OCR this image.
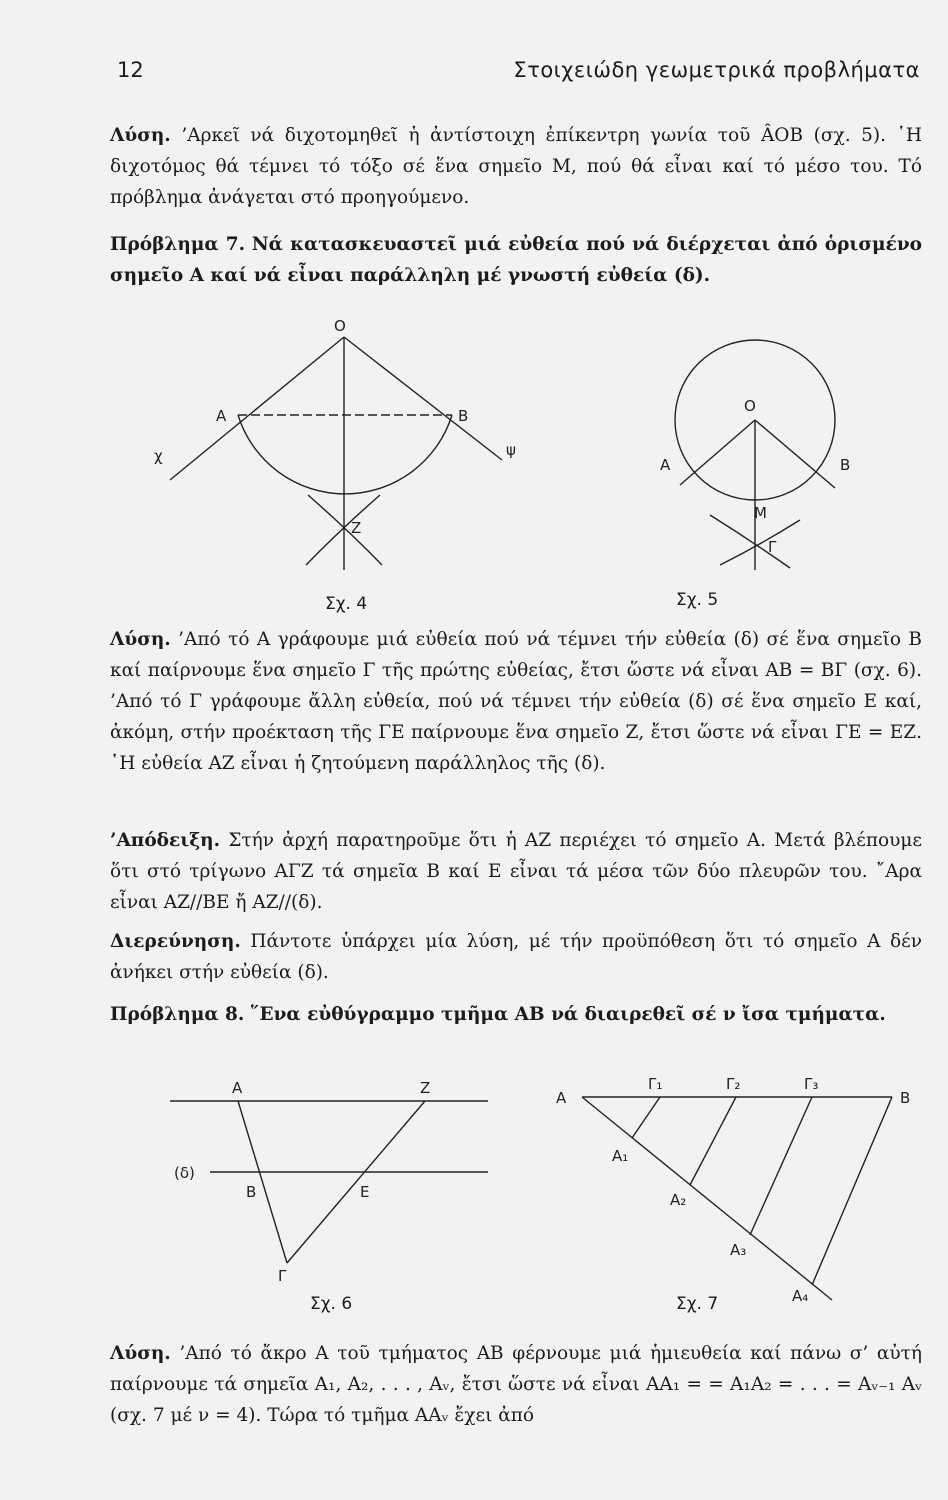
12	Στοιχειώδη γεωμετρικά προβλήματα
Λύση. ’Αρκεῖ νά διχοτομηθεῖ ἡ ἀντίστοιχη ἐπίκεντρη γωνία τοῦ ÂOB (σχ. 5). ῾Η διχοτόμος θά τέμνει τό τόξο σέ ἕνα σημεῖο Μ, πού θά εἶναι καί τό μέσο του. Τό πρόβλημα ἀνάγεται στό προηγούμενο.
Πρόβλημα 7. Νά κατασκευαστεῖ μιά εὐθεία πού νά διέρχεται ἀπό ὁρισμένο σημεῖο Α καί νά εἶναι παράλληλη μέ γνωστή εὐθεία (δ).
O
A	B
χ	ψ
Z
Σχ. 4
O
A	B
M
Γ
Σχ. 5
Λύση. ’Από τό Α γράφουμε μιά εὐθεία πού νά τέμνει τήν εὐθεία (δ) σέ ἕνα σημεῖο Β καί παίρνουμε ἕνα σημεῖο Γ τῆς πρώτης εὐθείας, ἔτσι ὥστε νά εἶναι ΑΒ = ΒΓ (σχ. 6). ’Από τό Γ γράφουμε ἄλλη εὐθεία, πού νά τέμνει τήν εὐθεία (δ) σέ ἕνα σημεῖο Ε καί, ἀκόμη, στήν προέκταση τῆς ΓΕ παίρνουμε ἕνα σημεῖο Ζ, ἔτσι ὥστε νά εἶναι ΓΕ = ΕΖ. ῾Η εὐθεία ΑΖ εἶναι ἡ ζητούμενη παράλληλος τῆς (δ).
’Απόδειξη. Στήν ἀρχή παρατηροῦμε ὅτι ἡ ΑΖ περιέχει τό σημεῖο Α. Μετά βλέπουμε ὅτι στό τρίγωνο ΑΓΖ τά σημεῖα Β καί Ε εἶναι τά μέσα τῶν δύο πλευρῶν του. ῎Αρα εἶναι ΑΖ//ΒΕ ἤ ΑΖ//(δ).
Διερεύνηση. Πάντοτε ὑπάρχει μία λύση, μέ τήν προϋπόθεση ὅτι τό σημεῖο Α δέν ἀνήκει στήν εὐθεία (δ).
Πρόβλημα 8. ῞Ενα εὐθύγραμμο τμῆμα ΑΒ νά διαιρεθεῖ σέ ν ἴσα τμήματα.
A	Z
(δ)
B	E
Γ
Σχ. 6
A	B
Γ₁	Γ₂	Γ₃
A₁
A₂
A₃
A₄
Σχ. 7
Λύση. ’Από τό ἄκρο Α τοῦ τμήματος ΑΒ φέρνουμε μιά ἡμιευθεία καί πάνω σ’ αὐτή παίρνουμε τά σημεῖα Α₁, Α₂, . . . , Αᵥ, ἔτσι ὥστε νά εἶναι ΑΑ₁ = = Α₁Α₂ = . . . = Αᵥ₋₁ Αᵥ (σχ. 7 μέ ν = 4). Τώρα τό τμῆμα ΑΑᵥ ἔχει ἀπό
